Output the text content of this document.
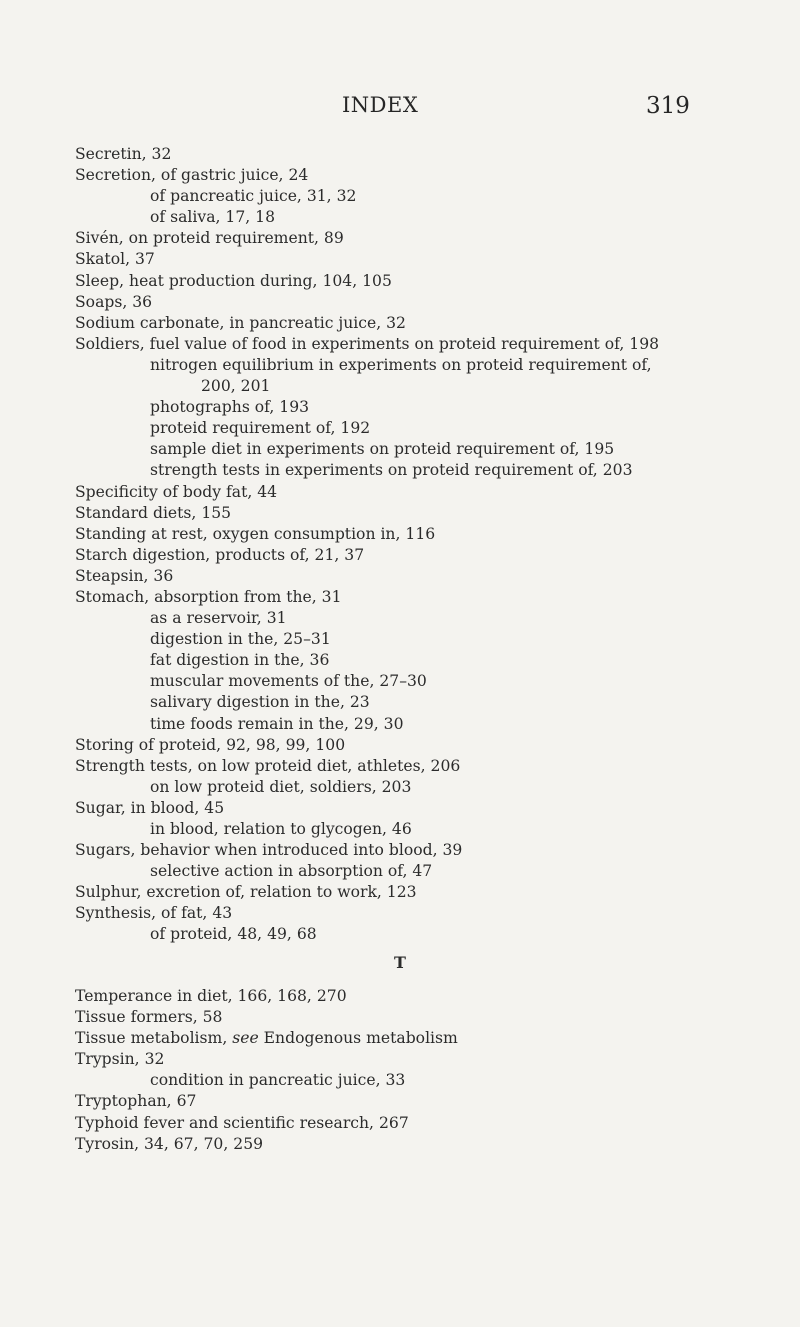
INDEX	319
Secretin, 32
Secretion, of gastric juice, 24
of pancreatic juice, 31, 32
of saliva, 17, 18
Sivén, on proteid requirement, 89
Skatol, 37
Sleep, heat production during, 104, 105
Soaps, 36
Sodium carbonate, in pancreatic juice, 32
Soldiers, fuel value of food in experiments on proteid requirement of, 198
nitrogen equilibrium in experiments on proteid requirement of,
200, 201
photographs of, 193
proteid requirement of, 192
sample diet in experiments on proteid requirement of, 195
strength tests in experiments on proteid requirement of, 203
Specificity of body fat, 44
Standard diets, 155
Standing at rest, oxygen consumption in, 116
Starch digestion, products of, 21, 37
Steapsin, 36
Stomach, absorption from the, 31
as a reservoir, 31
digestion in the, 25–31
fat digestion in the, 36
muscular movements of the, 27–30
salivary digestion in the, 23
time foods remain in the, 29, 30
Storing of proteid, 92, 98, 99, 100
Strength tests, on low proteid diet, athletes, 206
on low proteid diet, soldiers, 203
Sugar, in blood, 45
in blood, relation to glycogen, 46
Sugars, behavior when introduced into blood, 39
selective action in absorption of, 47
Sulphur, excretion of, relation to work, 123
Synthesis, of fat, 43
of proteid, 48, 49, 68
T
Temperance in diet, 166, 168, 270
Tissue formers, 58
Tissue metabolism, see Endogenous metabolism
Trypsin, 32
condition in pancreatic juice, 33
Tryptophan, 67
Typhoid fever and scientific research, 267
Tyrosin, 34, 67, 70, 259
